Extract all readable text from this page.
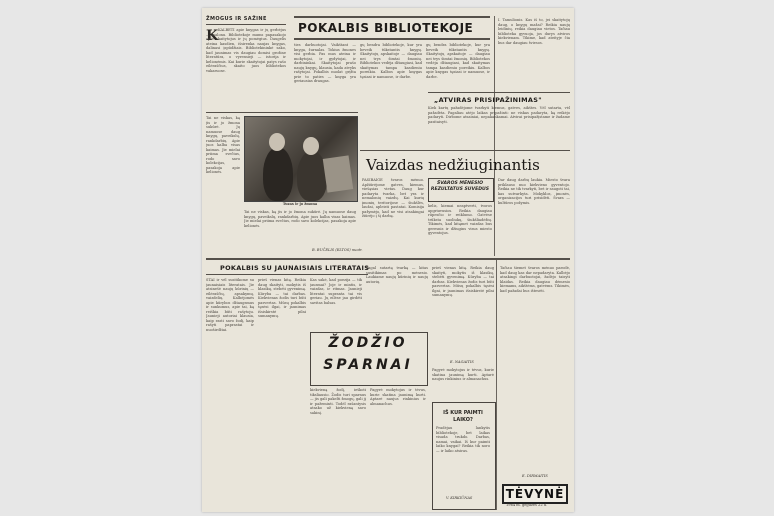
ŽMOGUS IR SAŽINE
K KALBETI apie knygas ir jų gerbėjus — malonu. Bibliotekoje mums papasakojo apie skaitytojus ir jų pomėgius. Daugelis ateina kasdien, išsirenka naujas knygas, dalinasi įspūdžiais. Bibliotekininkė sako, kad jaunimas vis daugiau domisi grožine literatūra, o vyresnieji — istorija ir kelionėmis. Kai kurie skaitytojai patys rašo eilėraščius, skaito juos bibliotekos vakaruose.
POKALBIS BIBLIOTEKOJE
ties darbuotojai. Vaikštant — knyga, žurnalas. Tokius žmones visi gerbia. Pas mus ateina ir mokytojai, ir gydytojai, ir darbininkai. Skaitytojai prašo naujų knygų, klausia, kada atvyks rašytojai. Pokalbis nuolat grįžta prie to paties — knyga yra geriausias draugas.
gų bendra bibliotekoje, kur yra beveik tūkstantis knygų. Skaitytojų apskaitoje — daugiau nei trys šimtai žmonių. Bibliotekos vedėja džiaugiasi, kad skaitymas tampa kasdieniu poreikiu. Kalbos apie knygas tęsiasi ir namuose, ir darbe.
gų bendra bibliotekoje, kur yra beveik tūkstantis knygų. Skaitytojų apskaitoje — daugiau nei trys šimtai žmonių. Bibliotekos vedėja džiaugiasi, kad skaitymas tampa kasdieniu poreikiu. Kalbos apie knygas tęsiasi ir namuose, ir darbe.
I. Tamulionis. Kas iš to, jei skaitytojų daug, o knygų mažai? Reikia naujų leidinių, reikia daugiau vietos. Tačiau biblioteka gyvuoja, jos durys atviros kiekvienam. Tikime, kad ateityje čia bus dar daugiau šviesos.
„ATVIRAS PRISIPAŽINIMAS"
Kiek kartų pažadėjome tvarkyti kiemus, gatves, aikštes. Vėl sutarta, vėl pažadėta. Pagaliau atėjo laikas pripažinti: ne viskas padaryta, ką reikėjo padaryti. Dirbome atsainiai, nepakankamai. Atvirai prisipažįstame ir žadame pasitaisyti.
Tai ne viskas, ką jis ir jo žmona sukūrė. Jų namuose daug knygų, paveikslų, rankdarbių. Apie juos kalba visas kaimas. Jie mielai priima svečius, rodo savo kolekcijas, pasakoja apie kelionės.
Tuzas ir jo žmona
Tai ne viskas, ką jis ir jo žmona sukūrė. Jų namuose daug knygų, paveikslų, rankdarbių. Apie juos kalba visas kaimas. Jie mielai priima svečius, rodo savo kolekcijas, pasakoja apie kelionės.
B. BUČELIS (ELTOS) nuotr.
Vaizdas nedžiuginantis
PASIBAIGĖ švaros mėnuo. Apžiūrėjome gatves, kiemus, viešąsias vietas. Daug kur padaryta tvarka, bet yra ir nemalonių vaizdų. Kai kurių įmonių teritorijose — šiukšlės, laužai, apleisti pastatai. Komisija pažymėjo, kad ne visi atsakingai žiūrėjo į šį darbą.
ŠVAROS MĖNESIO REZULTATUS SUVEDUS
kelis, kiemai neaptverti, tvoros apgriuvusios. Reikia daugiau rūpesčio ir reiklumo. Gatvėse trūksta suoliukų, šiukšliadėžių. Tikimės, kad kitąmet vaizdas bus geresnis ir džiugins visus miesto gyventojus.
Dar daug darbų laukia. Miesto švara priklauso nuo kiekvieno gyventojo. Reikia ne tik tvarkyti, bet ir saugoti tai, kas sutvarkyta. Mokyklos, įmonės, organizacijos turi prisidėti. Švara — kultūros požymis.
POKALBIS SU JAUNAISIAIS LITERATAIS
ŠTAI ir vėl susitikome su jaunaisiais literatais. Jie atsinešė naujų kūrinių — eilėraščių, apsakymų, vaizdelių. Kalbėjomės apie kūrybos džiaugsmus ir sunkumus, apie tai, ką reiškia būti rašytoju. Jaunieji autoriai klausia, kaip rasti savo žodį, kaip rašyti paprastai ir nuoširdžiai.
prieš vienas kitą. Reikia daug skaityti, mokytis iš klasikų, stebėti gyvenimą. Kūryba — tai darbas. Kiekvienas žodis turi būti pasvertas. Mūsų pokalbis tęsėsi ilgai, ir jaunimas išsiskirstė pilni sumanymų.
Kas sakė, kad poezija — tik jausmai? Joje ir mintis, ir vaizdas, ir ritmas. Jaunieji literatai supranta tai vis geriau. Jų eilėse jau girdėti savitas balsas.
Pagal sutartą tvarką — kitas susitikimas po mėnesio. Laukiame naujų kūrinių ir naujų autorių.
prieš vienas kitą. Reikia daug skaityti, mokytis iš klasikų, stebėti gyvenimą. Kūryba — tai darbas. Kiekvienas žodis turi būti pasvertas. Mūsų pokalbis tęsėsi ilgai, ir jaunimas išsiskirstė pilni sumanymų.
ŽODŽIO
SPARNAI
kiekvieną žodį, ieškoti tiksliausio. Žodis turi sparnus — jis gali pakelti žmogų, gali jį ir pažeminti. Todėl rašantysis atsako už kiekvieną savo sakinį.
Pagyrė mokytojus ir tėvus, kurie skatina jaunimą kurti. Aptarė naujus rinkinius ir almanachus.
E. NAGAITIS
Pagyrė mokytojus ir tėvus, kurie skatina jaunimą kurti. Aptarė naujus rinkinius ir almanachus.
IŠ KUR PAIMTI
LAIKO?
Pradėjau lankytis bibliotekoje, bet laikas visada trukdo. Darbas, namai, vaikai. Iš kur paimti laiko knygai? Reikia tik noro — ir laiko atsiras.
V. KIRKIŪNAS
Tačiau šiemet švaros mėnuo parodė, kad daug kas dar nepadaryta. Kalbėjo atsakingi darbuotojai, žadėjo taisyti klaidas. Reikia daugiau dėmesio kiemams, aikštėms, gatvėms. Tikimės, kad pažadai bus ištesėti.
E. DIRMAITIS
TĖVYNĖ
1964 m. gegužės 22 d.
